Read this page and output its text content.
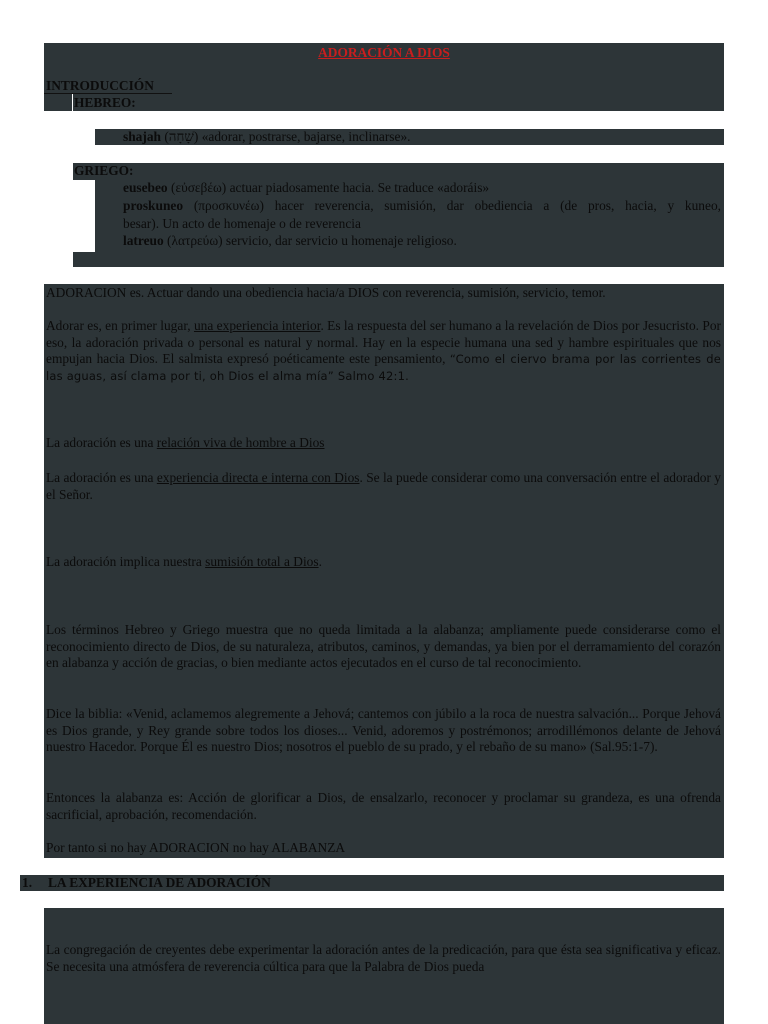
ADORACIÓN A DIOS
INTRODUCCIÓN
HEBREO:
shajah (שָׁחָה) «adorar, postrarse, bajarse, inclinarse».
GRIEGO:
eusebeo (εὐσεβέω) actuar piadosamente hacia. Se traduce «adoráis»
proskuneo (προσκυνέω) hacer reverencia, sumisión, dar obediencia a (de pros, hacia, y kuneo,
besar). Un acto de homenaje o de reverencia
latreuo (λατρεύω) servicio, dar servicio u homenaje religioso.
ADORACION es. Actuar dando una obediencia hacia/a DIOS con reverencia, sumisión, servicio, temor.
Adorar es, en primer lugar, una experiencia interior. Es la respuesta del ser humano a la revelación de Dios por Jesucristo. Por eso, la adoración privada o personal es natural y normal. Hay en la especie humana una sed y hambre espirituales que nos empujan hacia Dios. El salmista expresó poéticamente este pensamiento, “Como el ciervo brama por las corrientes de las aguas, así clama por ti, oh Dios el alma mía” Salmo 42:1.
La adoración es una relación viva de hombre a Dios
La adoración es una experiencia directa e interna con Dios. Se la puede considerar como una conversación entre el adorador y el Señor.
La adoración implica nuestra sumisión total a Dios.
Los términos Hebreo y Griego muestra que no queda limitada a la alabanza; ampliamente puede considerarse como el reconocimiento directo de Dios, de su naturaleza, atributos, caminos, y demandas, ya bien por el derramamiento del corazón en alabanza y acción de gracias, o bien mediante actos ejecutados en el curso de tal reconocimiento.
Dice la biblia: «Venid, aclamemos alegremente a Jehová; cantemos con júbilo a la roca de nuestra salvación... Porque Jehová es Dios grande, y Rey grande sobre todos los dioses... Venid, adoremos y postrémonos; arrodillémonos delante de Jehová nuestro Hacedor. Porque Él es nuestro Dios; nosotros el pueblo de su prado, y el rebaño de su mano» (Sal.95:1-7).
Entonces la alabanza es: Acción de glorificar a Dios, de ensalzarlo, reconocer y proclamar su grandeza, es una ofrenda sacrificial, aprobación, recomendación.
Por tanto si no hay ADORACION no hay ALABANZA
1. LA EXPERIENCIA DE ADORACIÓN
La congregación de creyentes debe experimentar la adoración antes de la predicación, para que ésta sea significativa y eficaz. Se necesita una atmósfera de reverencia cúltica para que la Palabra de Dios pueda
